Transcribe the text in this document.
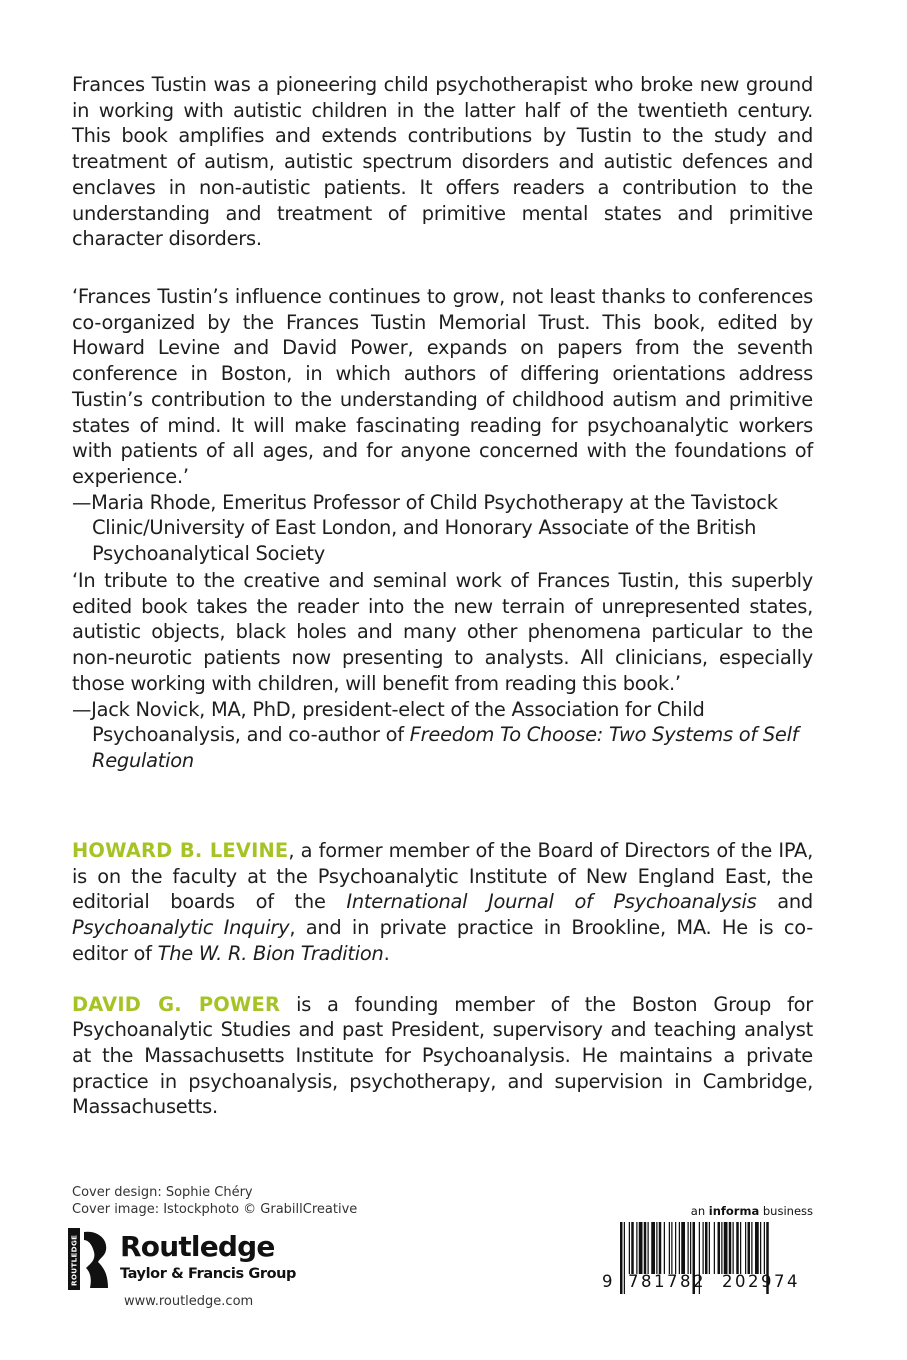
Frances Tustin was a pioneering child psychotherapist who broke new ground in working with autistic children in the latter half of the twentieth century. This book amplifies and extends contributions by Tustin to the study and treatment of autism, autistic spectrum disorders and autistic defences and enclaves in non-autistic patients. It offers readers a contribution to the understanding and treatment of primitive mental states and primitive character disorders.

‘Frances Tustin’s influence continues to grow, not least thanks to conferences co-organized by the Frances Tustin Memorial Trust. This book, edited by Howard Levine and David Power, expands on papers from the seventh conference in Boston, in which authors of differing orientations address Tustin’s contribution to the understanding of childhood autism and primitive states of mind. It will make fascinating reading for psychoanalytic workers with patients of all ages, and for anyone concerned with the foundations of experience.’

—Maria Rhode, Emeritus Professor of Child Psychotherapy at the Tavistock Clinic/University of East London, and Honorary Associate of the British Psychoanalytical Society

‘In tribute to the creative and seminal work of Frances Tustin, this superbly edited book takes the reader into the new terrain of unrepresented states, autistic objects, black holes and many other phenomena particular to the non-neurotic patients now presenting to analysts. All clinicians, especially those working with children, will benefit from reading this book.’

—Jack Novick, MA, PhD, president-elect of the Association for Child Psychoanalysis, and co-author of Freedom To Choose: Two Systems of Self Regulation

HOWARD B. LEVINE, a former member of the Board of Directors of the IPA, is on the faculty at the Psychoanalytic Institute of New England East, the editorial boards of the International Journal of Psychoanalysis and Psychoanalytic Inquiry, and in private practice in Brookline, MA. He is co-editor of The W. R. Bion Tradition.

DAVID G. POWER is a founding member of the Boston Group for Psychoanalytic Studies and past President, supervisory and teaching analyst at the Massachusetts Institute for Psychoanalysis. He maintains a private practice in psychoanalysis, psychotherapy, and supervision in Cambridge, Massachusetts.

Cover design: Sophie Chéry
Cover image: Istockphoto © GrabillCreative
ROUTLEDGE Routledge
Taylor & Francis Group
www.routledge.com
an informa business
9 781782 202974
